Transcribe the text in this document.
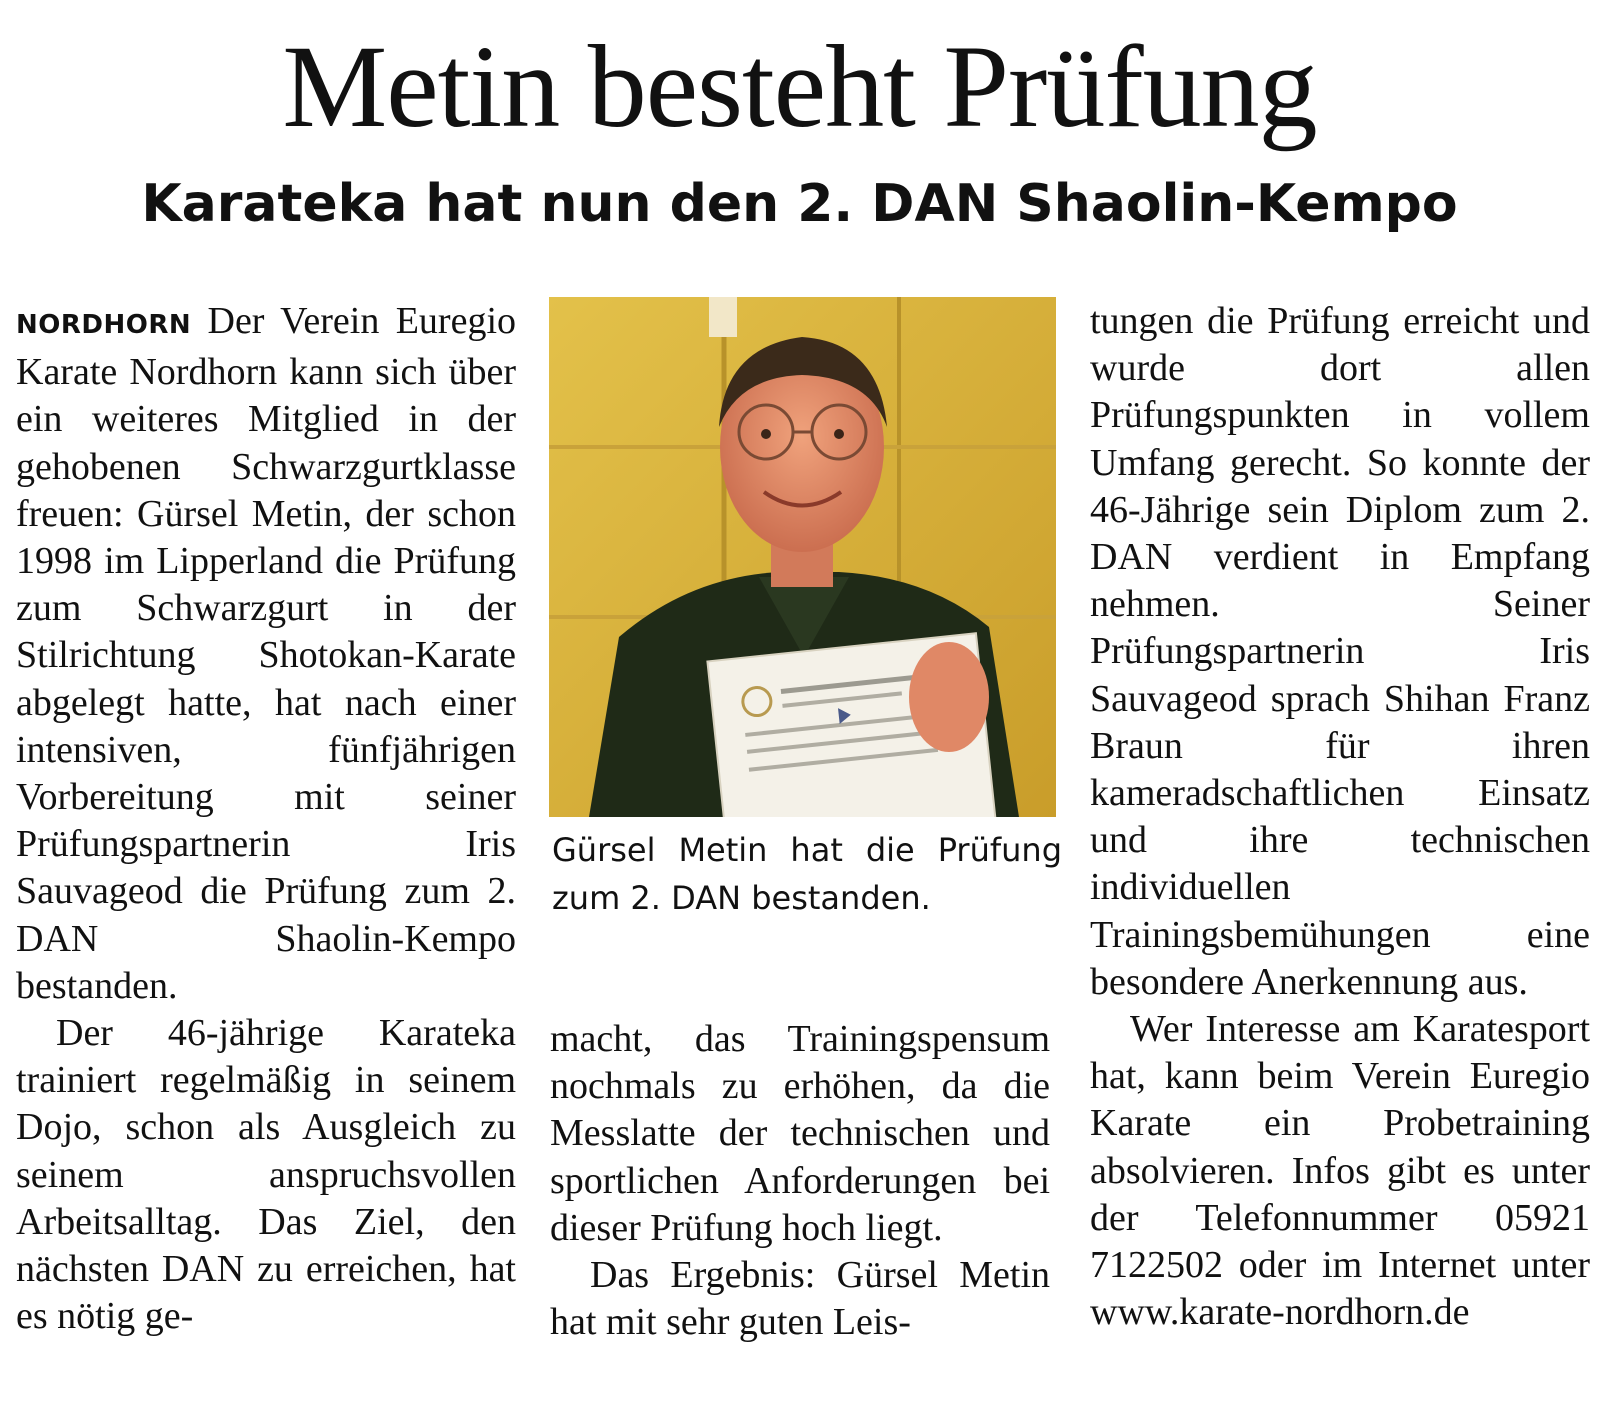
Metin besteht Prüfung
Karateka hat nun den 2. DAN Shaolin-Kempo

NORDHORN Der Verein Euregio Karate Nordhorn kann sich über ein weiteres Mitglied in der gehobenen Schwarzgurtklasse freuen: Gürsel Metin, der schon 1998 im Lipperland die Prüfung zum Schwarzgurt in der Stilrichtung Shotokan-Karate abgelegt hatte, hat nach einer intensiven, fünfjährigen Vorbereitung mit seiner Prüfungspartnerin Iris Sauvageod die Prüfung zum 2. DAN Shaolin-Kempo bestanden.

Der 46-jährige Karateka trainiert regelmäßig in seinem Dojo, schon als Ausgleich zu seinem anspruchsvollen Arbeitsalltag. Das Ziel, den nächsten DAN zu erreichen, hat es nötig ge-

Gürsel Metin hat die Prüfung zum 2. DAN bestanden.

macht, das Trainingspensum nochmals zu erhöhen, da die Messlatte der technischen und sportlichen Anforderungen bei dieser Prüfung hoch liegt.

Das Ergebnis: Gürsel Metin hat mit sehr guten Leis-

tungen die Prüfung erreicht und wurde dort allen Prüfungspunkten in vollem Umfang gerecht. So konnte der 46-Jährige sein Diplom zum 2. DAN verdient in Empfang nehmen. Seiner Prüfungspartnerin Iris Sauvageod sprach Shihan Franz Braun für ihren kameradschaftlichen Einsatz und ihre technischen individuellen Trainingsbemühungen eine besondere Anerkennung aus.

Wer Interesse am Karatesport hat, kann beim Verein Euregio Karate ein Probetraining absolvieren. Infos gibt es unter der Telefonnummer 05921 7122502 oder im Internet unter www.karate-nordhorn.de
